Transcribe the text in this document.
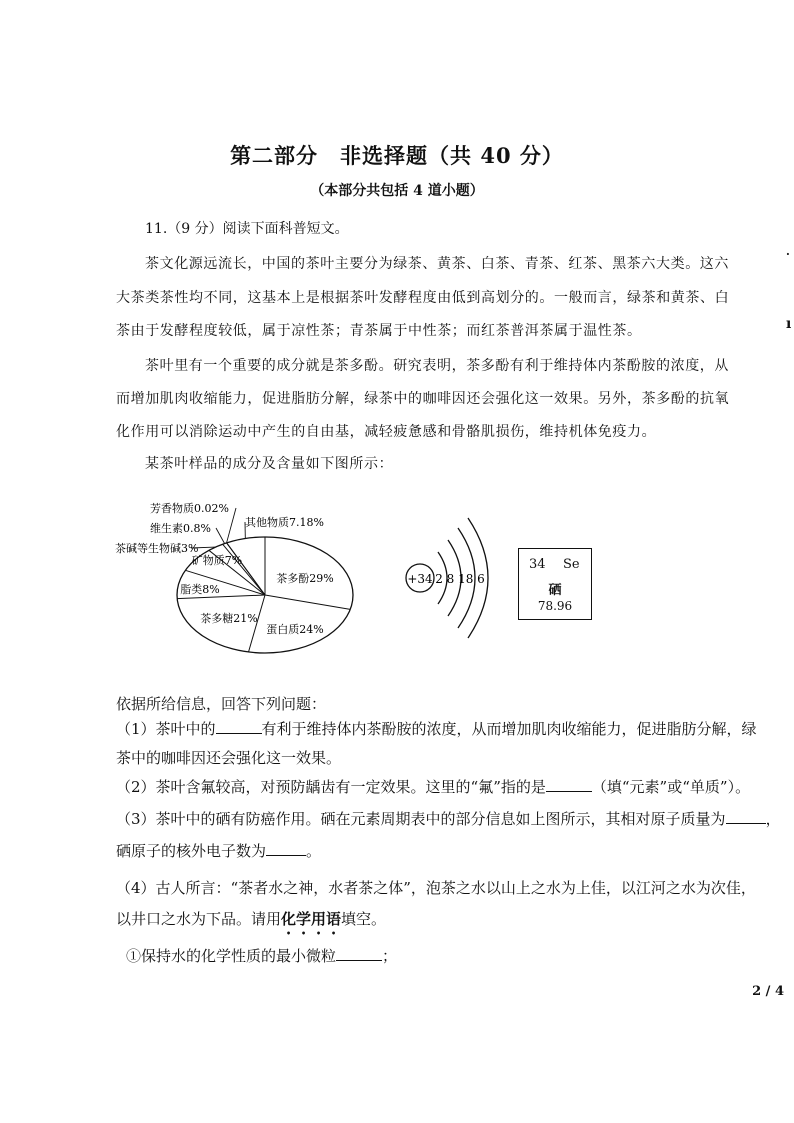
第二部分　非选择题（共 40 分）
（本部分共包括 4 道小题）
11.（9 分）阅读下面科普短文。
茶文化源远流长，中国的茶叶主要分为绿茶、黄茶、白茶、青茶、红茶、黑茶六大类。这六
大茶类茶性均不同，这基本上是根据茶叶发酵程度由低到高划分的。一般而言，绿茶和黄茶、白
茶由于发酵程度较低，属于凉性茶；青茶属于中性茶；而红茶普洱茶属于温性茶。
茶叶里有一个重要的成分就是茶多酚。研究表明，茶多酚有利于维持体内茶酚胺的浓度，从
而增加肌肉收缩能力，促进脂肪分解，绿茶中的咖啡因还会强化这一效果。另外，茶多酚的抗氧
化作用可以消除运动中产生的自由基，减轻疲惫感和骨骼肌损伤，维持机体免疫力。
某茶叶样品的成分及含量如下图所示：
茶多酚29%
蛋白质24%
茶多糖21%
脂类8%
矿物质7%
茶碱等生物碱3%
维生素0.8%
芳香物质0.02%
其他物质7.18%
+34 2 8 18 6
34 Se
硒
78.96
依据所给信息，回答下列问题：
（1）茶叶中的	有利于维持体内茶酚胺的浓度，从而增加肌肉收缩能力，促进脂肪分解，绿
茶中的咖啡因还会强化这一效果。
（2）茶叶含氟较高，对预防龋齿有一定效果。这里的“氟”指的是	（填“元素”或“单质”）。
（3）茶叶中的硒有防癌作用。硒在元素周期表中的部分信息如上图所示，其相对原子质量为	，
硒原子的核外电子数为	。
（4）古人所言：“茶者水之神，水者茶之体”，泡茶之水以山上之水为上佳，以江河之水为次佳，
以井口之水为下品。请用化学用语填空。
①保持水的化学性质的最小微粒	；
2 / 4
·
ı
